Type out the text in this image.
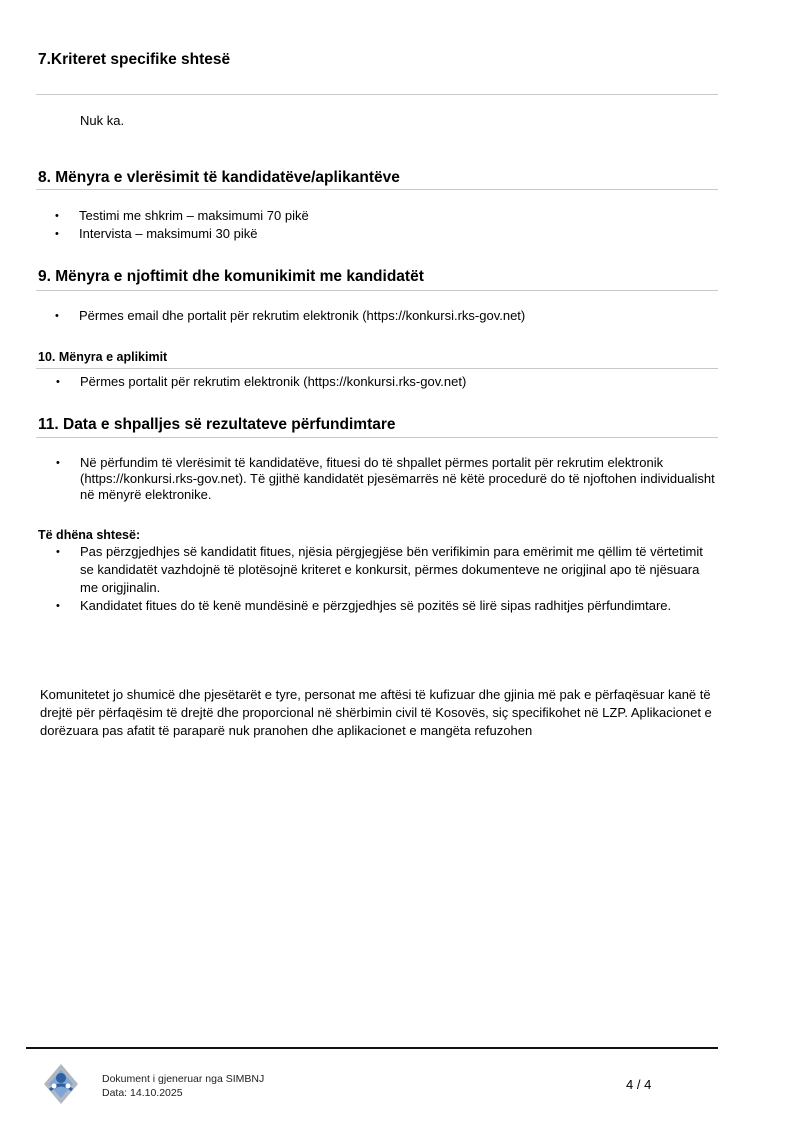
7.Kriteret specifike shtesë
Nuk ka.
8. Mënyra e vlerësimit të kandidatëve/aplikantëve
• Testimi me shkrim – maksimumi 70 pikë
• Intervista – maksimumi 30 pikë
9. Mënyra e njoftimit dhe komunikimit me kandidatët
• Përmes email dhe portalit për rekrutim elektronik (https://konkursi.rks-gov.net)
10. Mënyra e aplikimit
• Përmes portalit për rekrutim elektronik (https://konkursi.rks-gov.net)
11. Data e shpalljes së rezultateve përfundimtare
• Në përfundim të vlerësimit të kandidatëve, fituesi do të shpallet përmes portalit për rekrutim elektronik (https://konkursi.rks-gov.net). Të gjithë kandidatët pjesëmarrës në këtë procedurë do të njoftohen individualisht në mënyrë elektronike.
Të dhëna shtesë:
• Pas përzgjedhjes së kandidatit fitues, njësia përgjegjëse bën verifikimin para emërimit me qëllim të vërtetimit se kandidatët vazhdojnë të plotësojnë kriteret e konkursit, përmes dokumenteve ne origjinal apo të njësuara me origjinalin.
• Kandidatet fitues do të kenë mundësinë e përzgjedhjes së pozitës së lirë sipas radhitjes përfundimtare.

Komunitetet jo shumicë dhe pjesëtarët e tyre, personat me aftësi të kufizuar dhe gjinia më pak e përfaqësuar kanë të drejtë për përfaqësim të drejtë dhe proporcional në shërbimin civil të Kosovës, siç specifikohet në LZP. Aplikacionet e dorëzuara pas afatit të paraparë nuk pranohen dhe aplikacionet e mangëta refuzohen

Dokument i gjeneruar nga SIMBNJ
Data: 14.10.2025
4 / 4
